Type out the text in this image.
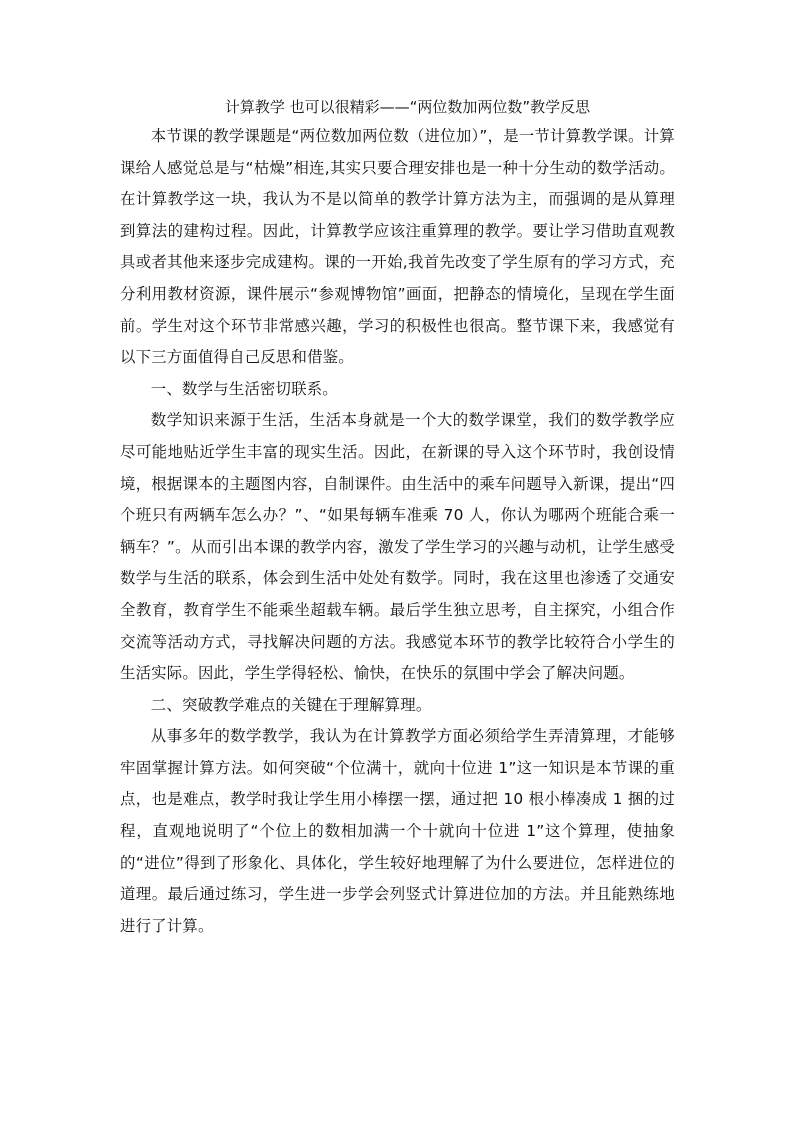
计算教学 也可以很精彩——“两位数加两位数”教学反思

本节课的教学课题是“两位数加两位数（进位加）”，是一节计算教学课。计算课给人感觉总是与“枯燥”相连,其实只要合理安排也是一种十分生动的数学活动。在计算教学这一块，我认为不是以简单的教学计算方法为主，而强调的是从算理到算法的建构过程。因此，计算教学应该注重算理的教学。要让学习借助直观教具或者其他来逐步完成建构。课的一开始,我首先改变了学生原有的学习方式，充分利用教材资源，课件展示“参观博物馆”画面，把静态的情境化，呈现在学生面前。学生对这个环节非常感兴趣，学习的积极性也很高。整节课下来，我感觉有以下三方面值得自己反思和借鉴。

一、数学与生活密切联系。

数学知识来源于生活，生活本身就是一个大的数学课堂，我们的数学教学应尽可能地贴近学生丰富的现实生活。因此，在新课的导入这个环节时，我创设情境，根据课本的主题图内容，自制课件。由生活中的乘车问题导入新课，提出“四个班只有两辆车怎么办？”、“如果每辆车准乘 70 人，你认为哪两个班能合乘一辆车？”。从而引出本课的教学内容，激发了学生学习的兴趣与动机，让学生感受数学与生活的联系，体会到生活中处处有数学。同时，我在这里也渗透了交通安全教育，教育学生不能乘坐超载车辆。最后学生独立思考，自主探究，小组合作交流等活动方式，寻找解决问题的方法。我感觉本环节的教学比较符合小学生的生活实际。因此，学生学得轻松、愉快，在快乐的氛围中学会了解决问题。

二、突破教学难点的关键在于理解算理。

从事多年的数学教学，我认为在计算教学方面必须给学生弄清算理，才能够牢固掌握计算方法。如何突破“个位满十，就向十位进 1”这一知识是本节课的重点，也是难点，教学时我让学生用小棒摆一摆，通过把 10 根小棒凑成 1 捆的过程，直观地说明了“个位上的数相加满一个十就向十位进 1”这个算理，使抽象的“进位”得到了形象化、具体化，学生较好地理解了为什么要进位，怎样进位的道理。最后通过练习，学生进一步学会列竖式计算进位加的方法。并且能熟练地进行了计算。
